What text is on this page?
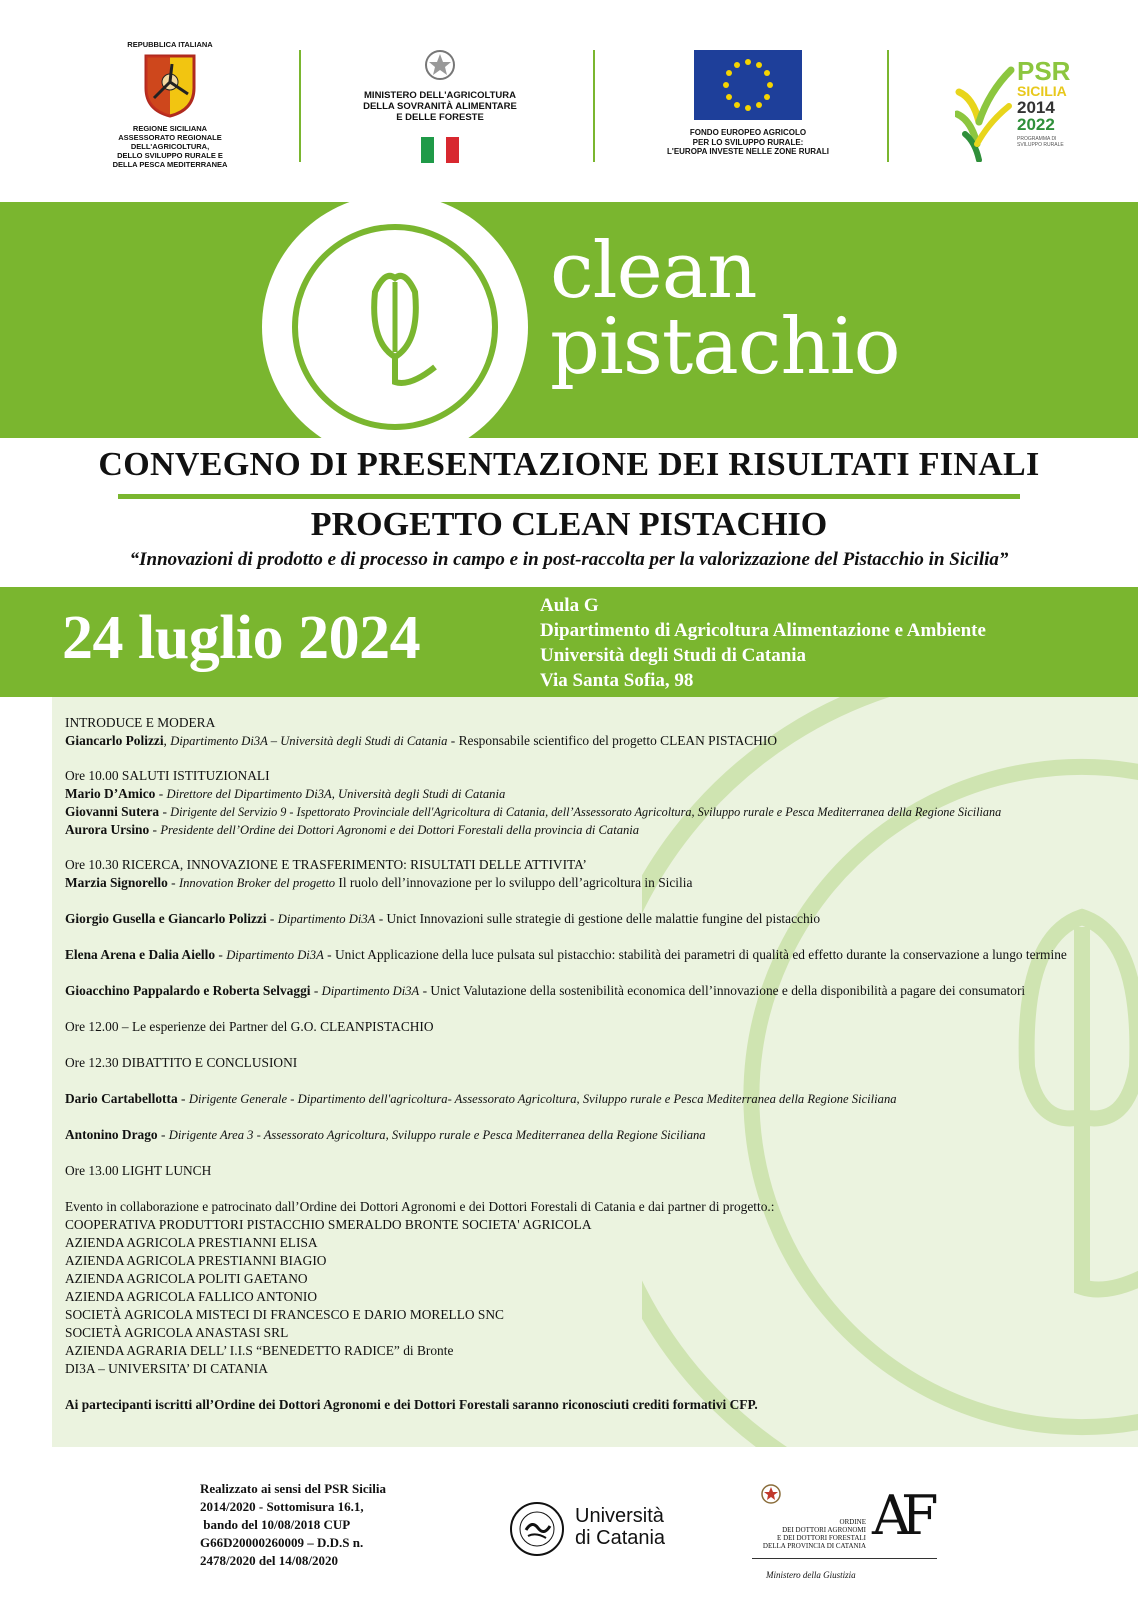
REPUBBLICA ITALIANA
REGIONE SICILIANA
ASSESSORATO REGIONALE DELL'AGRICOLTURA,
DELLO SVILUPPO RURALE E
DELLA PESCA MEDITERRANEA
MINISTERO DELL'AGRICOLTURA
DELLA SOVRANITÀ ALIMENTARE
E DELLE FORESTE
FONDO EUROPEO AGRICOLO
PER LO SVILUPPO RURALE:
L'EUROPA INVESTE NELLE ZONE RURALI
PSR
SICILIA
2014
2022
PROGRAMMA DI
SVILUPPO RURALE
clean
pistachio
CONVEGNO DI PRESENTAZIONE DEI RISULTATI FINALI
PROGETTO CLEAN PISTACHIO
“Innovazioni di prodotto e di processo in campo e in post-raccolta per la valorizzazione del Pistacchio in Sicilia”
24 luglio 2024	Aula G
Dipartimento di Agricoltura Alimentazione e Ambiente
Università degli Studi di Catania
Via Santa Sofia, 98

INTRODUCE E MODERA

Giancarlo Polizzi, Dipartimento Di3A – Università degli Studi di Catania - Responsabile scientifico del progetto CLEAN PISTACHIO

Ore 10.00 SALUTI ISTITUZIONALI

Mario D’Amico - Direttore del Dipartimento Di3A, Università degli Studi di Catania

Giovanni Sutera - Dirigente del Servizio 9 - Ispettorato Provinciale dell'Agricoltura di Catania, dell’Assessorato Agricoltura, Sviluppo rurale e Pesca Mediterranea della Regione Siciliana

Aurora Ursino - Presidente dell’Ordine dei Dottori Agronomi e dei Dottori Forestali della provincia di Catania

Ore 10.30 RICERCA, INNOVAZIONE E TRASFERIMENTO: RISULTATI DELLE ATTIVITA’

Marzia Signorello - Innovation Broker del progetto Il ruolo dell’innovazione per lo sviluppo dell’agricoltura in Sicilia

Giorgio Gusella e Giancarlo Polizzi - Dipartimento Di3A - Unict Innovazioni sulle strategie di gestione delle malattie fungine del pistacchio

Elena Arena e Dalia Aiello - Dipartimento Di3A - Unict Applicazione della luce pulsata sul pistacchio: stabilità dei parametri di qualità ed effetto durante la conservazione a lungo termine

Gioacchino Pappalardo e Roberta Selvaggi - Dipartimento Di3A - Unict Valutazione della sostenibilità economica dell’innovazione e della disponibilità a pagare dei consumatori

Ore 12.00 – Le esperienze dei Partner del G.O. CLEANPISTACHIO

Ore 12.30 DIBATTITO E CONCLUSIONI

Dario Cartabellotta - Dirigente Generale - Dipartimento dell'agricoltura- Assessorato Agricoltura, Sviluppo rurale e Pesca Mediterranea della Regione Siciliana

Antonino Drago - Dirigente Area 3 - Assessorato Agricoltura, Sviluppo rurale e Pesca Mediterranea della Regione Siciliana

Ore 13.00 LIGHT LUNCH

Evento in collaborazione e patrocinato dall’Ordine dei Dottori Agronomi e dei Dottori Forestali di Catania e dai partner di progetto.:

COOPERATIVA PRODUTTORI PISTACCHIO SMERALDO BRONTE SOCIETA' AGRICOLA

AZIENDA AGRICOLA PRESTIANNI ELISA

AZIENDA AGRICOLA PRESTIANNI BIAGIO

AZIENDA AGRICOLA POLITI GAETANO

AZIENDA AGRICOLA FALLICO ANTONIO

SOCIETÀ AGRICOLA MISTECI DI FRANCESCO E DARIO MORELLO SNC

SOCIETÀ AGRICOLA ANASTASI SRL

AZIENDA AGRARIA DELL’ I.I.S “BENEDETTO RADICE” di Bronte

DI3A – UNIVERSITA’ DI CATANIA

Ai partecipanti iscritti all’Ordine dei Dottori Agronomi e dei Dottori Forestali saranno riconosciuti crediti formativi CFP.

Realizzato ai sensi del PSR Sicilia
2014/2020 - Sottomisura 16.1,
bando del 10/08/2018 CUP
G66D20000260009 – D.D.S n.
2478/2020 del 14/08/2020
Università
di Catania
ORDINE
DEI DOTTORI AGRONOMI
E DEI DOTTORI FORESTALI
DELLA PROVINCIA DI CATANIA AF
Ministero della Giustizia
